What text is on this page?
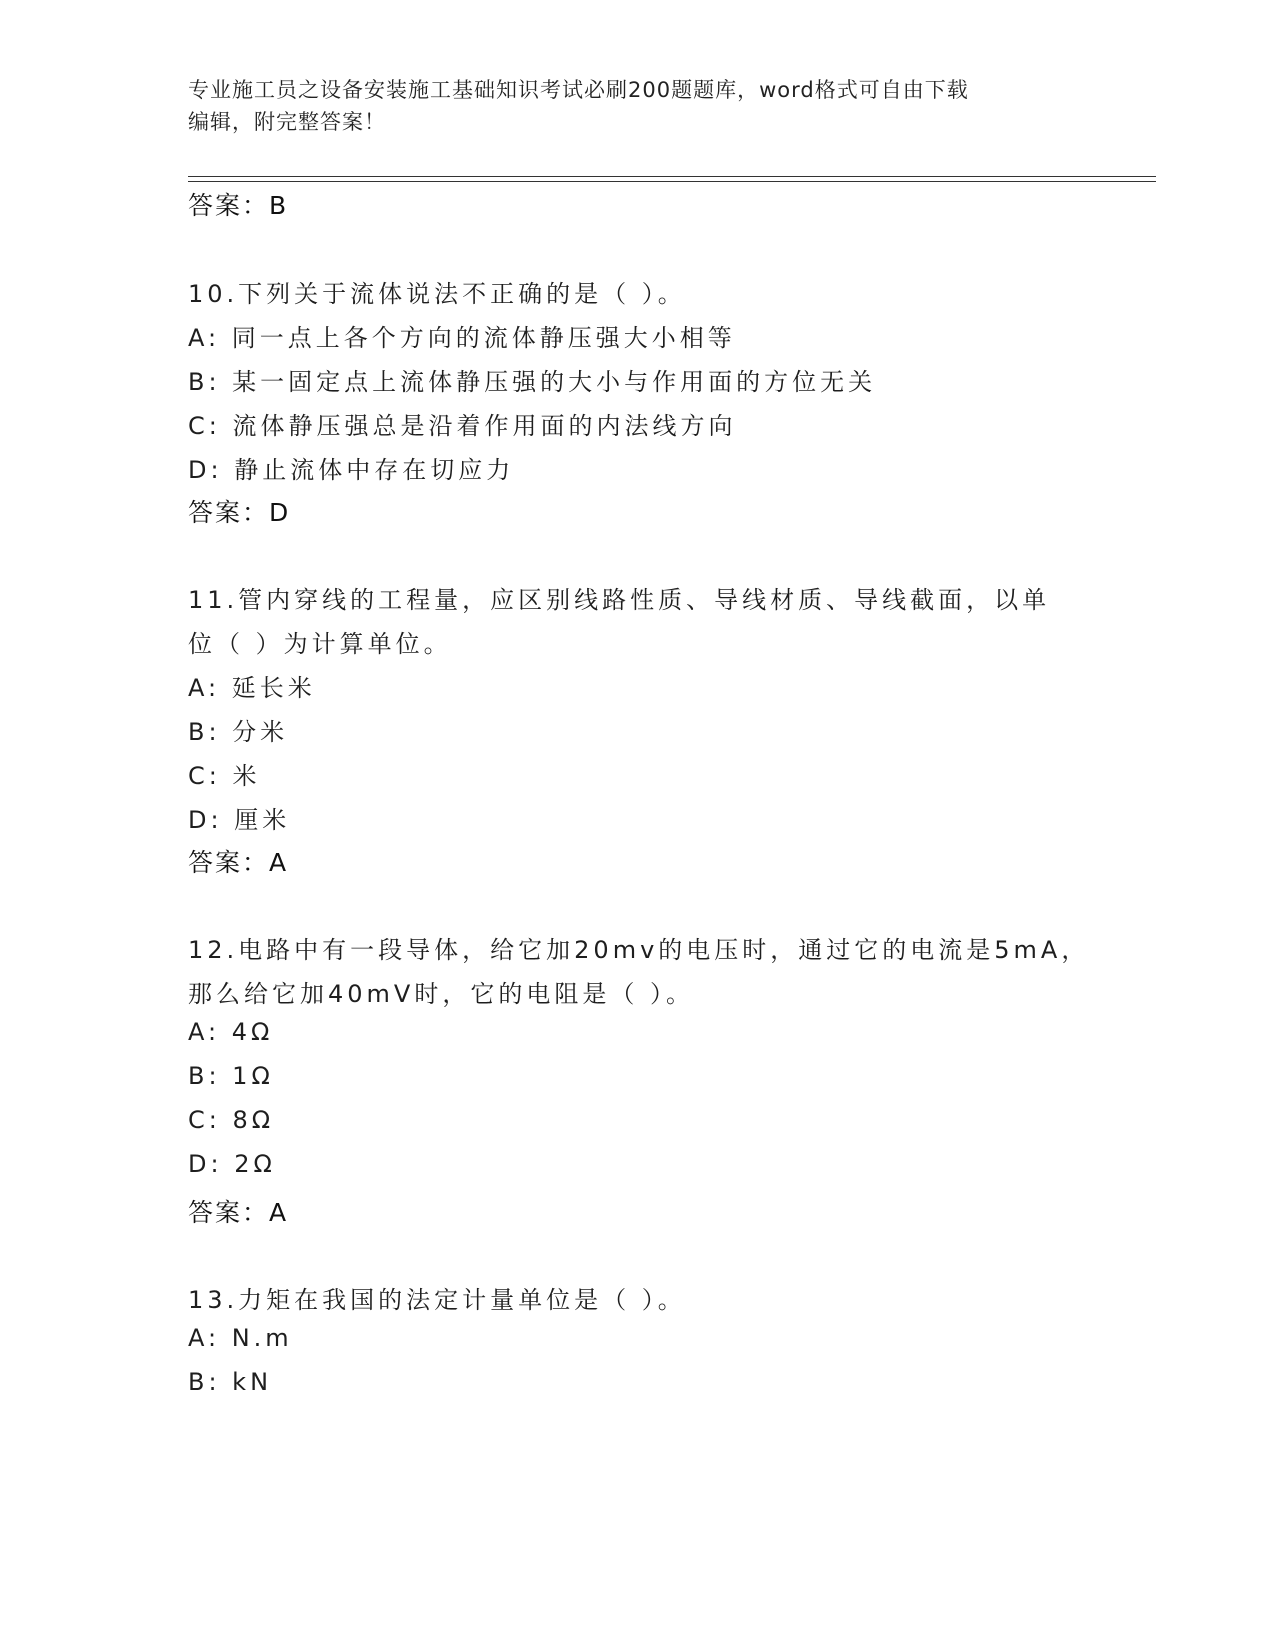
专业施工员之设备安装施工基础知识考试必刷200题题库，word格式可自由下载
编辑，附完整答案！
答案：B
10.下列关于流体说法不正确的是（ ）。
A: 同一点上各个方向的流体静压强大小相等
B: 某一固定点上流体静压强的大小与作用面的方位无关
C: 流体静压强总是沿着作用面的内法线方向
D: 静止流体中存在切应力
答案：D
11.管内穿线的工程量，应区别线路性质、导线材质、导线截面，以单
位（ ）为计算单位。
A: 延长米
B: 分米
C: 米
D: 厘米
答案：A
12.电路中有一段导体，给它加20mv的电压时，通过它的电流是5mA，
那么给它加40mV时，它的电阻是（ ）。
A: 4Ω
B: 1Ω
C: 8Ω
D: 2Ω
答案：A
13.力矩在我国的法定计量单位是（ ）。
A: N.m
B: kN
